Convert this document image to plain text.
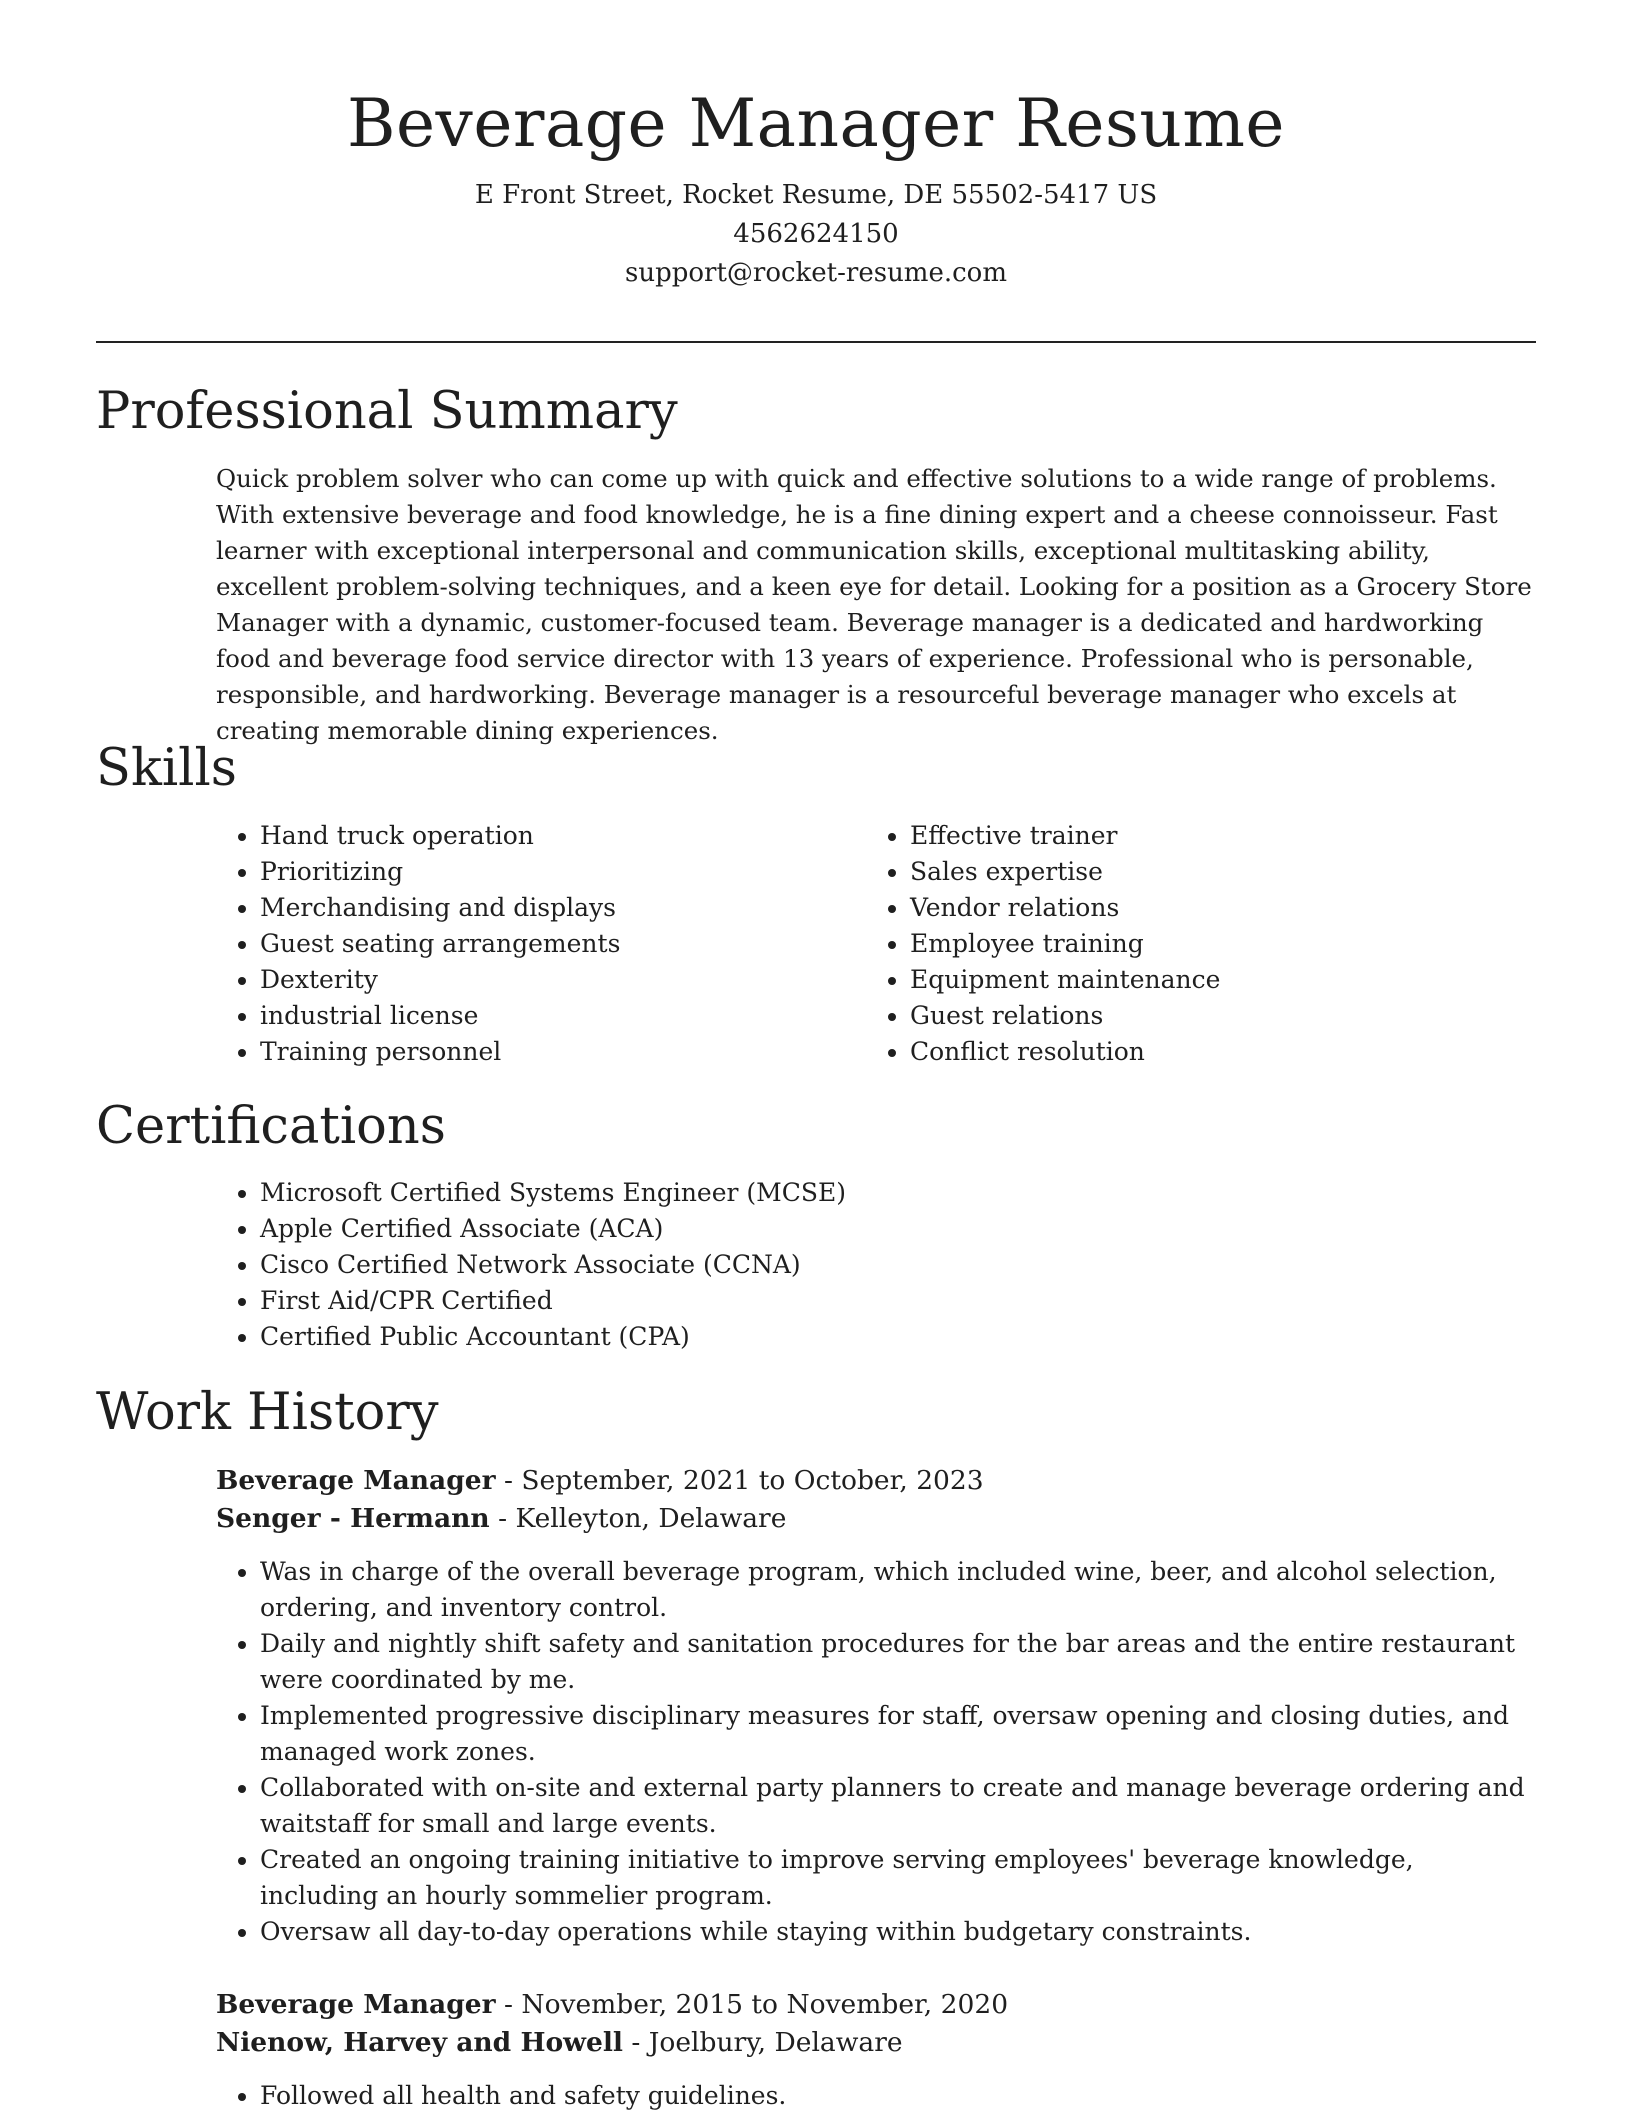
Beverage Manager Resume

E Front Street, Rocket Resume, DE 55502-5417 US

4562624150

support@rocket-resume.com

Professional Summary

Quick problem solver who can come up with quick and effective solutions to a wide range of problems. With extensive beverage and food knowledge, he is a fine dining expert and a cheese connoisseur. Fast learner with exceptional interpersonal and communication skills, exceptional multitasking ability, excellent problem-solving techniques, and a keen eye for detail. Looking for a position as a Grocery Store Manager with a dynamic, customer-focused team. Beverage manager is a dedicated and hardworking food and beverage food service director with 13 years of experience. Professional who is personable, responsible, and hardworking. Beverage manager is a resourceful beverage manager who excels at creating memorable dining experiences.

Skills
• Hand truck operation
• Prioritizing
• Merchandising and displays
• Guest seating arrangements
• Dexterity
• industrial license
• Training personnel
• Effective trainer
• Sales expertise
• Vendor relations
• Employee training
• Equipment maintenance
• Guest relations
• Conflict resolution
Certifications
• Microsoft Certified Systems Engineer (MCSE)
• Apple Certified Associate (ACA)
• Cisco Certified Network Associate (CCNA)
• First Aid/CPR Certified
• Certified Public Accountant (CPA)
Work History

Beverage Manager - September, 2021 to October, 2023

Senger - Hermann - Kelleyton, Delaware

• Was in charge of the overall beverage program, which included wine, beer, and alcohol selection, ordering, and inventory control.
• Daily and nightly shift safety and sanitation procedures for the bar areas and the entire restaurant were coordinated by me.
• Implemented progressive disciplinary measures for staff, oversaw opening and closing duties, and managed work zones.
• Collaborated with on-site and external party planners to create and manage beverage ordering and waitstaff for small and large events.
• Created an ongoing training initiative to improve serving employees' beverage knowledge, including an hourly sommelier program.
• Oversaw all day-to-day operations while staying within budgetary constraints.

Beverage Manager - November, 2015 to November, 2020

Nienow, Harvey and Howell - Joelbury, Delaware

• Followed all health and safety guidelines.
